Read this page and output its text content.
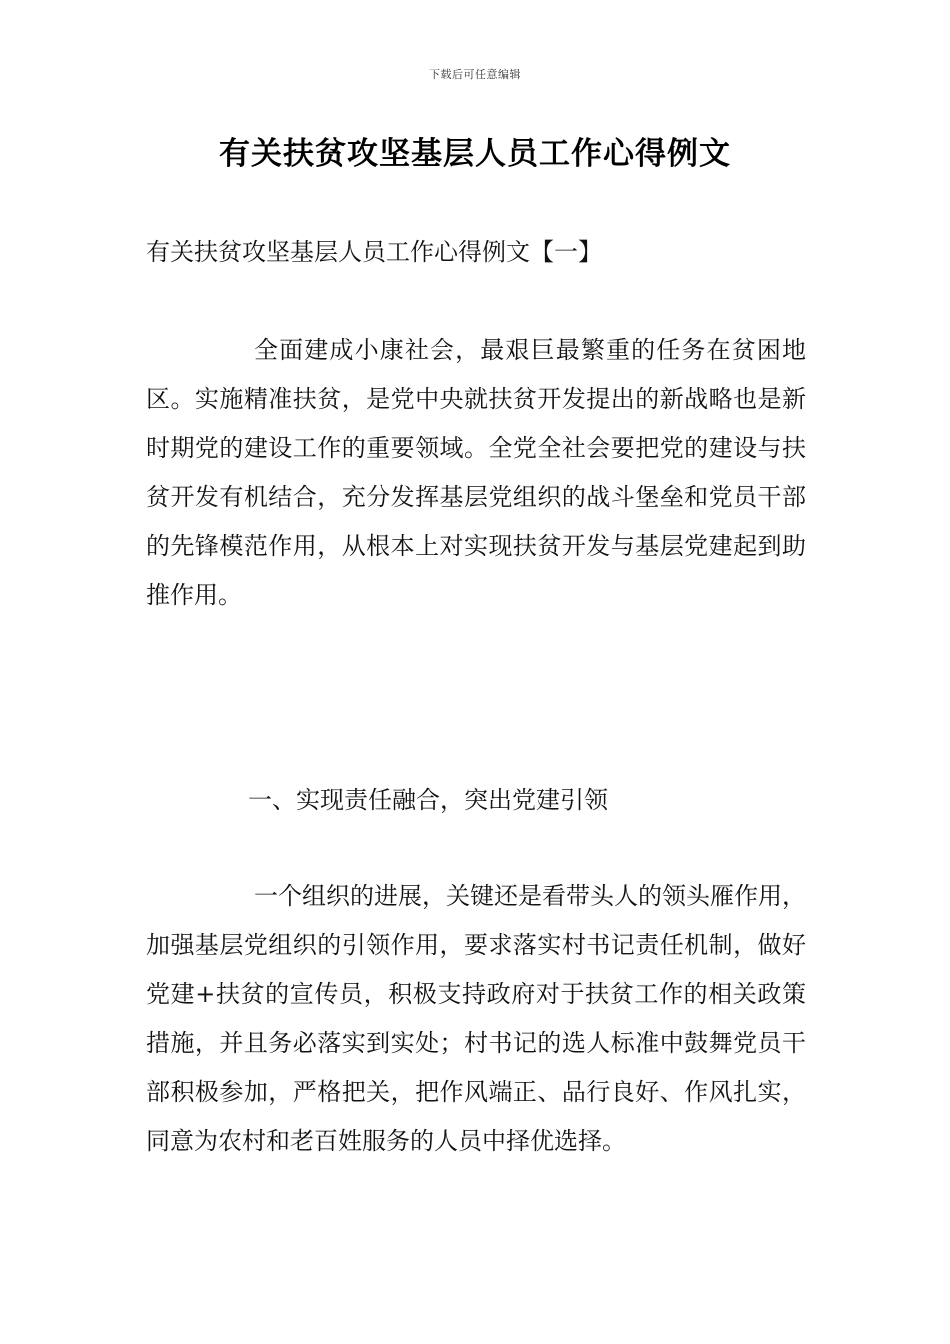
下载后可任意编辑
有关扶贫攻坚基层人员工作心得例文
有关扶贫攻坚基层人员工作心得例文【一】

全面建成小康社会，最艰巨最繁重的任务在贫困地区。实施精准扶贫，是党中央就扶贫开发提出的新战略也是新时期党的建设工作的重要领域。全党全社会要把党的建设与扶贫开发有机结合，充分发挥基层党组织的战斗堡垒和党员干部的先锋模范作用，从根本上对实现扶贫开发与基层党建起到助推作用。

一、实现责任融合，突出党建引领

一个组织的进展，关键还是看带头人的领头雁作用，加强基层党组织的引领作用，要求落实村书记责任机制，做好党建+扶贫的宣传员，积极支持政府对于扶贫工作的相关政策措施，并且务必落实到实处；村书记的选人标准中鼓舞党员干部积极参加，严格把关，把作风端正、品行良好、作风扎实，同意为农村和老百姓服务的人员中择优选择。
